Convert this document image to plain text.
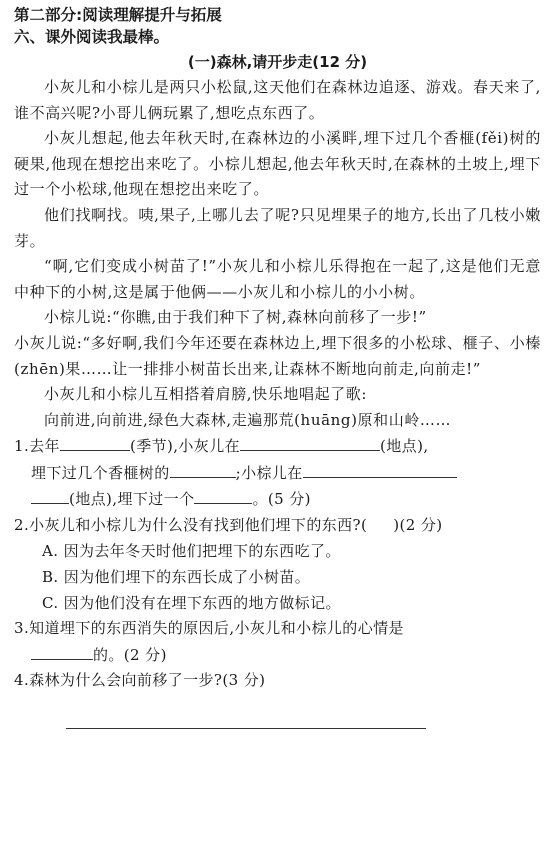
第二部分:阅读理解提升与拓展
六、课外阅读我最棒。
(一)森林,请开步走(12 分)

小灰儿和小棕儿是两只小松鼠,这天他们在森林边追逐、游戏。春天来了,谁不高兴呢?小哥儿俩玩累了,想吃点东西了。

小灰儿想起,他去年秋天时,在森林边的小溪畔,埋下过几个香榧(fěi)树的硬果,他现在想挖出来吃了。小棕儿想起,他去年秋天时,在森林的土坡上,埋下过一个小松球,他现在想挖出来吃了。

他们找啊找。咦,果子,上哪儿去了呢?只见埋果子的地方,长出了几枝小嫩芽。

“啊,它们变成小树苗了!”小灰儿和小棕儿乐得抱在一起了,这是他们无意中种下的小树,这是属于他俩——小灰儿和小棕儿的小小树。

小棕儿说:“你瞧,由于我们种下了树,森林向前移了一步!”

小灰儿说:“多好啊,我们今年还要在森林边上,埋下很多的小松球、榧子、小榛(zhēn)果……让一排排小树苗长出来,让森林不断地向前走,向前走!”

小灰儿和小棕儿互相搭着肩膀,快乐地唱起了歌:

向前进,向前进,绿色大森林,走遍那荒(huāng)原和山岭……

1.去年	(季节),小灰儿在	(地点),

埋下过几个香榧树的	;小棕儿在

(地点),埋下过一个	。(5 分)

2.小灰儿和小棕儿为什么没有找到他们埋下的东西?( )(2 分)

A. 因为去年冬天时他们把埋下的东西吃了。

B. 因为他们埋下的东西长成了小树苗。

C. 因为他们没有在埋下东西的地方做标记。

3.知道埋下的东西消失的原因后,小灰儿和小棕儿的心情是

的。(2 分)

4.森林为什么会向前移了一步?(3 分)
